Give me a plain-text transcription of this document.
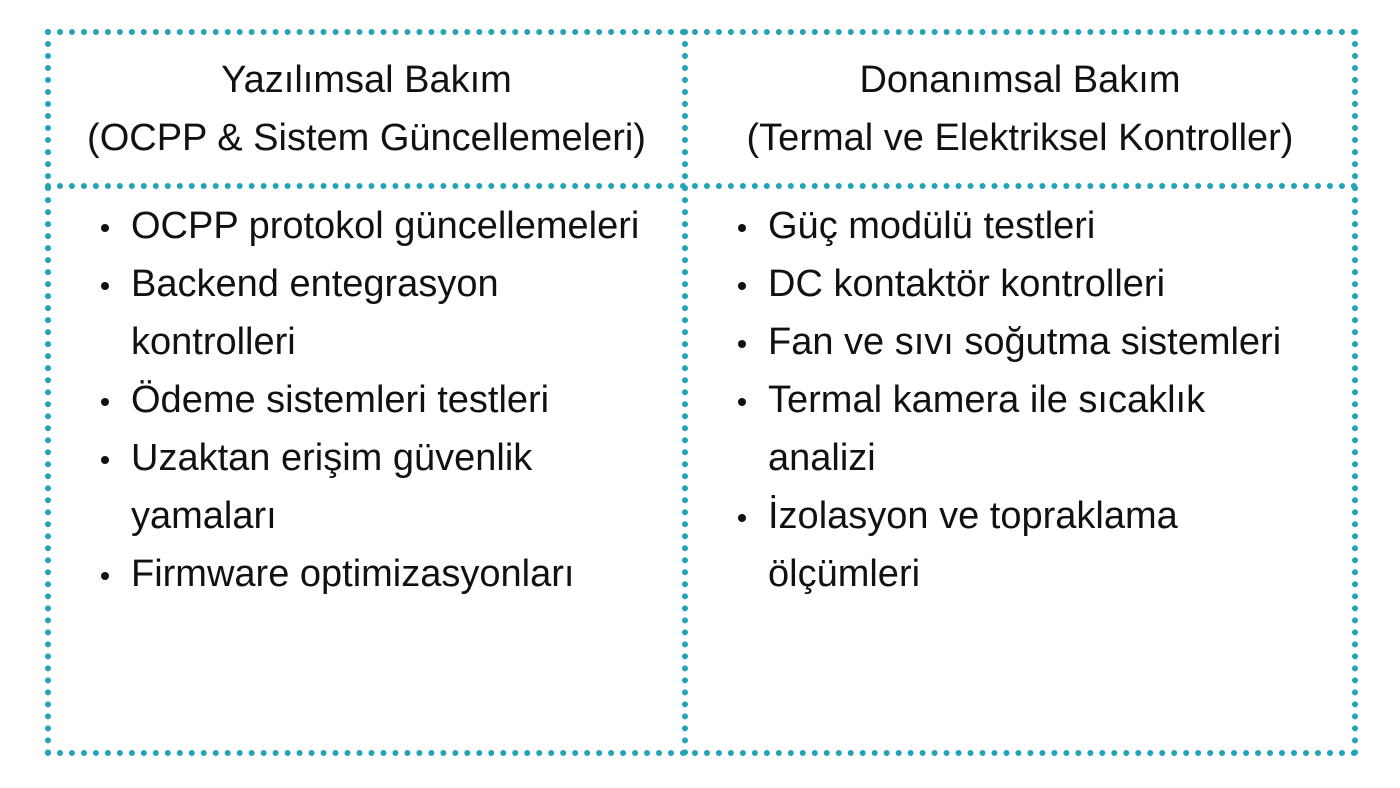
Yazılımsal Bakım
(OCPP & Sistem Güncellemeleri)
Donanımsal Bakım
(Termal ve Elektriksel Kontroller)
OCPP protokol güncellemeleri
Backend entegrasyon kontrolleri
Ödeme sistemleri testleri
Uzaktan erişim güvenlik yamaları
Firmware optimizasyonları
Güç modülü testleri
DC kontaktör kontrolleri
Fan ve sıvı soğutma sistemleri
Termal kamera ile sıcaklık analizi
İzolasyon ve topraklama ölçümleri
